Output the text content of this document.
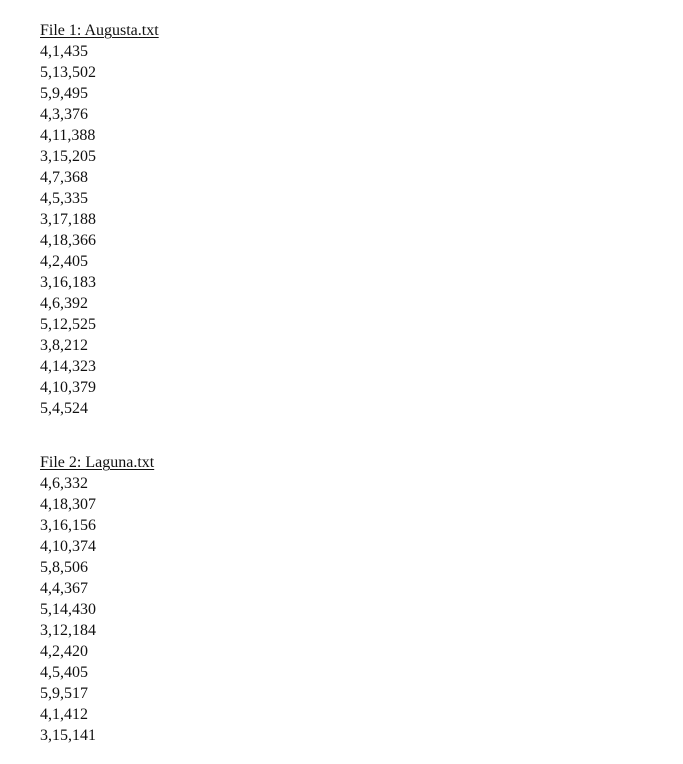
File 1: Augusta.txt
4,1,435
5,13,502
5,9,495
4,3,376
4,11,388
3,15,205
4,7,368
4,5,335
3,17,188
4,18,366
4,2,405
3,16,183
4,6,392
5,12,525
3,8,212
4,14,323
4,10,379
5,4,524
File 2: Laguna.txt
4,6,332
4,18,307
3,16,156
4,10,374
5,8,506
4,4,367
5,14,430
3,12,184
4,2,420
4,5,405
5,9,517
4,1,412
3,15,141
